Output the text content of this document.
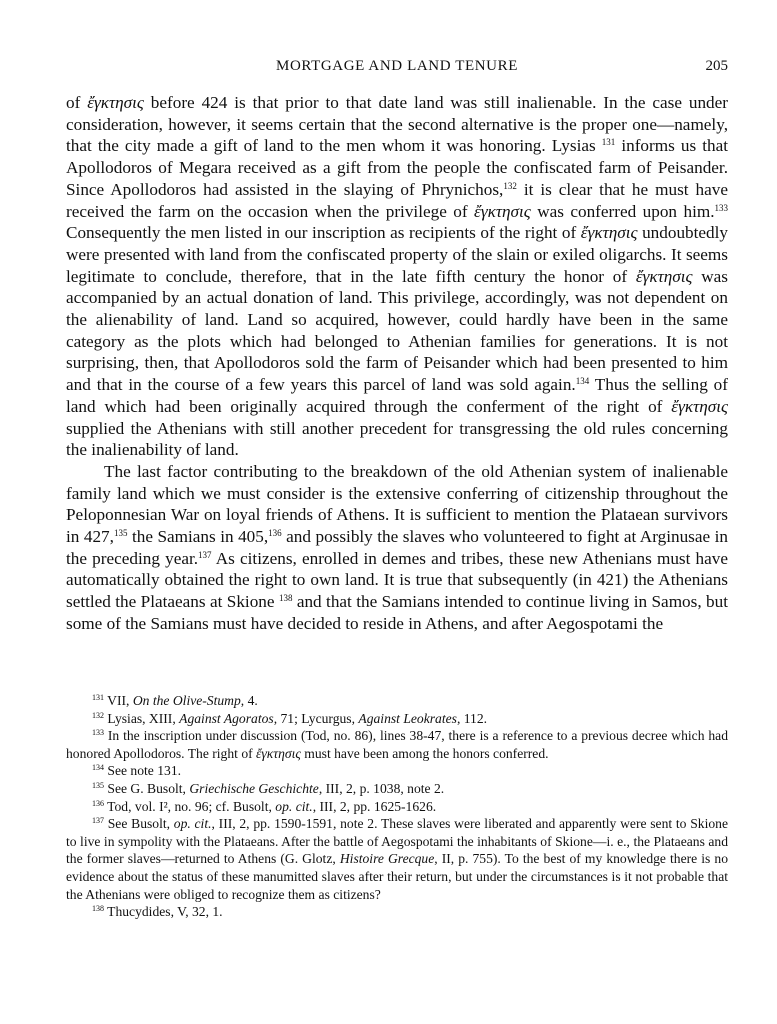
MORTGAGE AND LAND TENURE	205

of ἔγκτησις before 424 is that prior to that date land was still inalienable. In the case under consideration, however, it seems certain that the second alternative is the proper one—namely, that the city made a gift of land to the men whom it was honoring. Lysias $^{131}$ informs us that Apollodoros of Megara received as a gift from the people the confiscated farm of Peisander. Since Apollodoros had assisted in the slaying of Phrynichos,$^{132}$ it is clear that he must have received the farm on the occasion when the privilege of ἔγκτησις was conferred upon him.$^{133}$ Consequently the men listed in our inscription as recipients of the right of ἔγκτησις undoubtedly were presented with land from the confiscated property of the slain or exiled oligarchs. It seems legitimate to conclude, therefore, that in the late fifth century the honor of ἔγκτησις was accompanied by an actual donation of land. This privilege, accordingly, was not dependent on the alienability of land. Land so acquired, however, could hardly have been in the same category as the plots which had belonged to Athenian families for generations. It is not surprising, then, that Apollodoros sold the farm of Peisander which had been presented to him and that in the course of a few years this parcel of land was sold again.$^{134}$ Thus the selling of land which had been originally acquired through the conferment of the right of ἔγκτησις supplied the Athenians with still another precedent for transgressing the old rules concerning the inalienability of land.

The last factor contributing to the breakdown of the old Athenian system of inalienable family land which we must consider is the extensive conferring of citizenship throughout the Peloponnesian War on loyal friends of Athens. It is sufficient to mention the Plataean survivors in 427,$^{135}$ the Samians in 405,$^{136}$ and possibly the slaves who volunteered to fight at Arginusae in the preceding year.$^{137}$ As citizens, enrolled in demes and tribes, these new Athenians must have automatically obtained the right to own land. It is true that subsequently (in 421) the Athenians settled the Plataeans at Skione $^{138}$ and that the Samians intended to continue living in Samos, but some of the Samians must have decided to reside in Athens, and after Aegospotami the

$^{131}$ VII, On the Olive-Stump, 4.

$^{132}$ Lysias, XIII, Against Agoratos, 71; Lycurgus, Against Leokrates, 112.

$^{133}$ In the inscription under discussion (Tod, no. 86), lines 38-47, there is a reference to a previous decree which had honored Apollodoros. The right of ἔγκτησις must have been among the honors conferred.

$^{134}$ See note 131.

$^{135}$ See G. Busolt, Griechische Geschichte, III, 2, p. 1038, note 2.

$^{136}$ Tod, vol. I², no. 96; cf. Busolt, op. cit., III, 2, pp. 1625-1626.

$^{137}$ See Busolt, op. cit., III, 2, pp. 1590-1591, note 2. These slaves were liberated and apparently were sent to Skione to live in sympolity with the Plataeans. After the battle of Aegospotami the inhabitants of Skione—i. e., the Plataeans and the former slaves—returned to Athens (G. Glotz, Histoire Grecque, II, p. 755). To the best of my knowledge there is no evidence about the status of these manumitted slaves after their return, but under the circumstances is it not probable that the Athenians were obliged to recognize them as citizens?

$^{138}$ Thucydides, V, 32, 1.
